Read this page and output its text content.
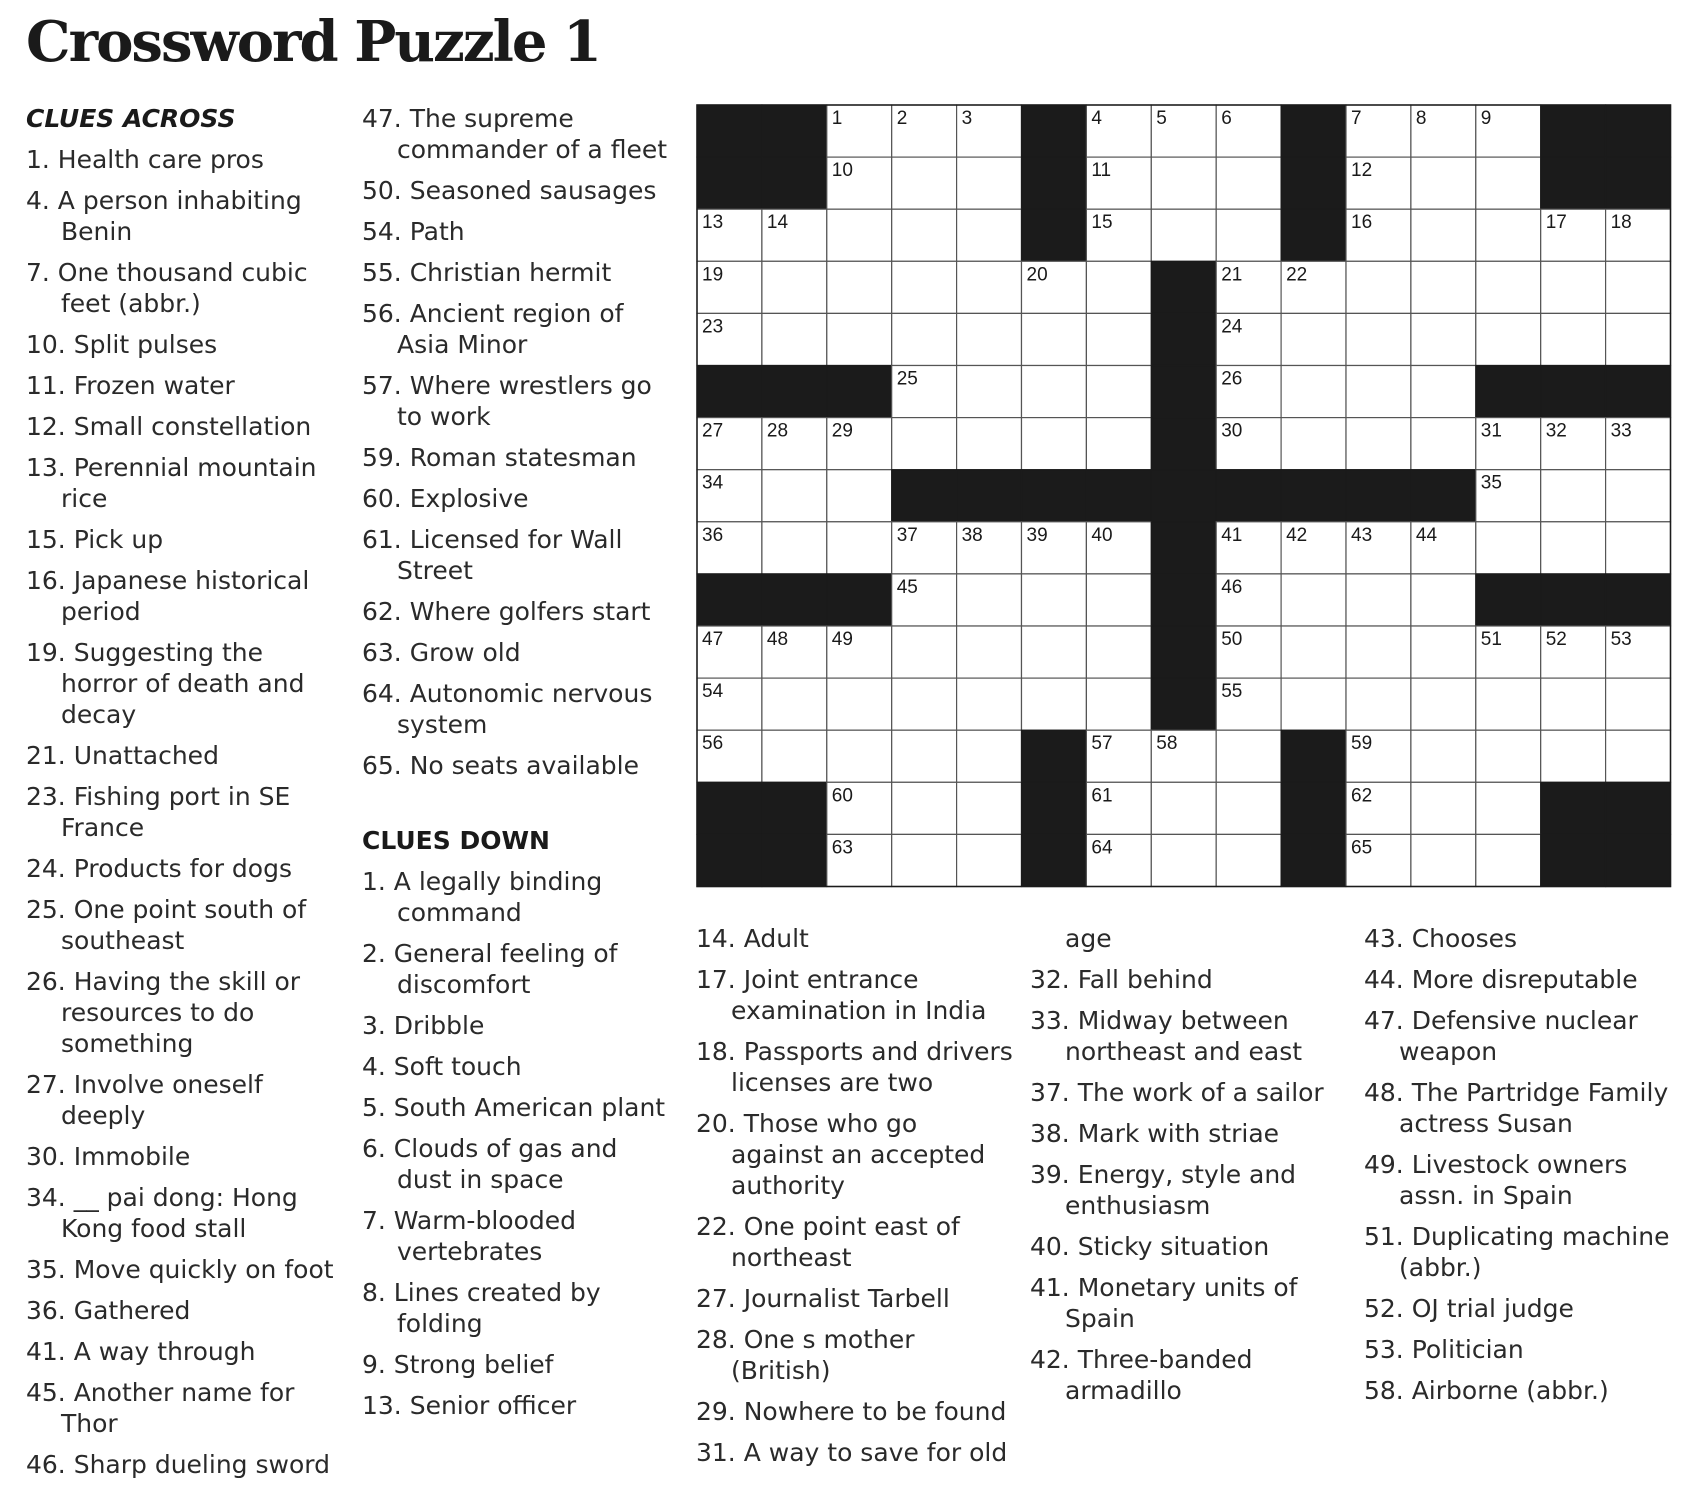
Crossword Puzzle 1
CLUES ACROSS
1. Health care pros
4. A person inhabiting Benin
7. One thousand cubic feet (abbr.)
10. Split pulses
11. Frozen water
12. Small constellation
13. Perennial mountain rice
15. Pick up
16. Japanese historical period
19. Suggesting the horror of death and decay
21. Unattached
23. Fishing port in SE France
24. Products for dogs
25. One point south of southeast
26. Having the skill or resources to do something
27. Involve oneself deeply
30. Immobile
34. __ pai dong: Hong Kong food stall
35. Move quickly on foot
36. Gathered
41. A way through
45. Another name for Thor
46. Sharp dueling sword
47. The supreme commander of a fleet
50. Seasoned sausages
54. Path
55. Christian hermit
56. Ancient region of Asia Minor
57. Where wrestlers go to work
59. Roman statesman
60. Explosive
61. Licensed for Wall Street
62. Where golfers start
63. Grow old
64. Autonomic nervous system
65. No seats available
CLUES DOWN
1. A legally binding command
2. General feeling of discomfort
3. Dribble
4. Soft touch
5. South American plant
6. Clouds of gas and dust in space
7. Warm-blooded vertebrates
8. Lines created by folding
9. Strong belief
13. Senior officer
1	2	3	4	5	6	7	8	9
10	11	12
13 14	15	16	17 18
19	20	21 22
23	24
25	26
27 28 29	30	31 32 33
34	35
36	37 38 39 40	41 42 43 44
45	46
47 48 49	50	51 52 53
54	55
56	57 58	59
60	61	62
63	64	65
14. Adult
17. Joint entrance examination in India
18. Passports and drivers licenses are two
20. Those who go against an accepted authority
22. One point east of northeast
27. Journalist Tarbell
28. One s mother (British)
29. Nowhere to be found
31. A way to save for old
age
32. Fall behind
33. Midway between northeast and east
37. The work of a sailor
38. Mark with striae
39. Energy, style and enthusiasm
40. Sticky situation
41. Monetary units of Spain
42. Three-banded armadillo
43. Chooses
44. More disreputable
47. Defensive nuclear weapon
48. The Partridge Family actress Susan
49. Livestock owners assn. in Spain
51. Duplicating machine (abbr.)
52. OJ trial judge
53. Politician
58. Airborne (abbr.)
